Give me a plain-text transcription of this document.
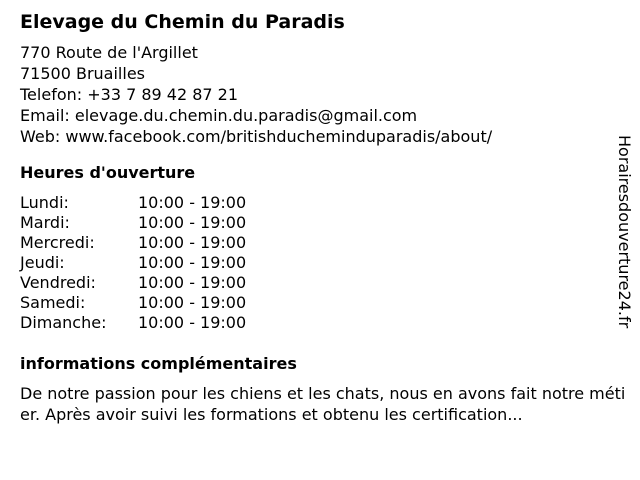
Elevage du Chemin du Paradis
770 Route de l'Argillet
71500 Bruailles
Telefon: +33 7 89 42 87 21
Email: elevage.du.chemin.du.paradis@gmail.com
Web: www.facebook.com/britishducheminduparadis/about/
Heures d'ouverture
Lundi:	10:00 - 19:00
Mardi:	10:00 - 19:00
Mercredi:	10:00 - 19:00
Jeudi:	10:00 - 19:00
Vendredi:	10:00 - 19:00
Samedi:	10:00 - 19:00
Dimanche: 10:00 - 19:00
informations complémentaires
De notre passion pour les chiens et les chats, nous en avons fait notre métier. Après avoir suivi les formations et obtenu les certification...
Horairesdouverture24.fr
